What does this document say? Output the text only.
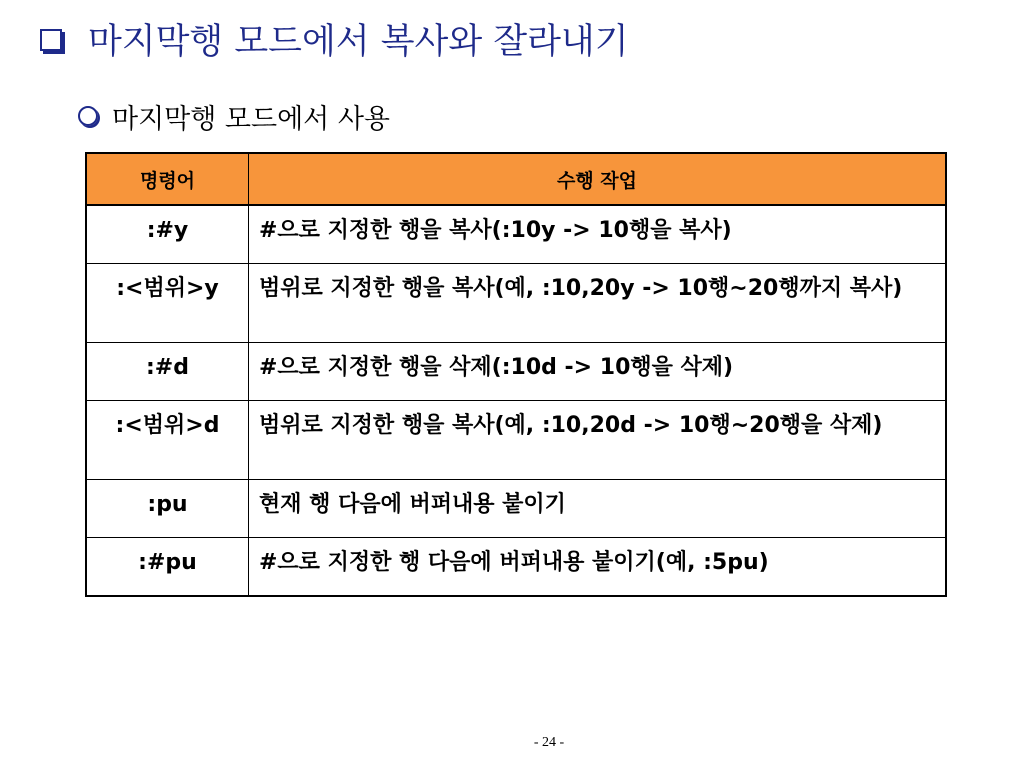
마지막행 모드에서 복사와 잘라내기
마지막행 모드에서 사용
명령어	수행 작업
:#y	#으로 지정한 행을 복사(:10y -> 10행을 복사)
:<범위>y	범위로 지정한 행을 복사(예, :10,20y -> 10행~20행까지 복사)
:#d	#으로 지정한 행을 삭제(:10d -> 10행을 삭제)
:<범위>d	범위로 지정한 행을 복사(예, :10,20d -> 10행~20행을 삭제)
:pu	현재 행 다음에 버퍼내용 붙이기
:#pu	#으로 지정한 행 다음에 버퍼내용 붙이기(예, :5pu)
- 24 -
